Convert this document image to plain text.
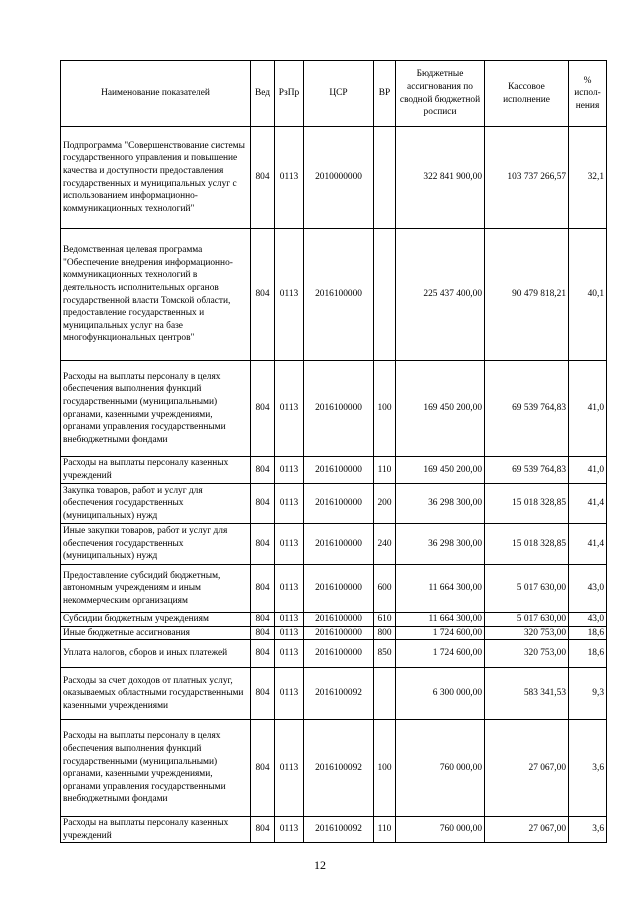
Наименование показателей	Вед	РзПр	ЦСР	ВР	Бюджетные ассигнования по сводной бюджетной росписи	Кассовое исполнение	% испол- нения
Подпрограмма "Совершенствование системы государственного управления и повышение качества и доступности предоставления государственных и муниципальных услуг с использованием информационно-коммуникационных технологий"	804	0113	2010000000		322 841 900,00	103 737 266,57	32,1
Ведомственная целевая программа "Обеспечение внедрения информационно-коммуникационных технологий в деятельность исполнительных органов государственной власти Томской области, предоставление государственных и муниципальных услуг на базе многофункциональных центров"	804	0113	2016100000		225 437 400,00	90 479 818,21	40,1
Расходы на выплаты персоналу в целях обеспечения выполнения функций государственными (муниципальными) органами, казенными учреждениями, органами управления государственными внебюджетными фондами	804	0113	2016100000	100	169 450 200,00	69 539 764,83	41,0
Расходы на выплаты персоналу казенных учреждений	804	0113	2016100000	110	169 450 200,00	69 539 764,83	41,0
Закупка товаров, работ и услуг для обеспечения государственных (муниципальных) нужд	804	0113	2016100000	200	36 298 300,00	15 018 328,85	41,4
Иные закупки товаров, работ и услуг для обеспечения государственных (муниципальных) нужд	804	0113	2016100000	240	36 298 300,00	15 018 328,85	41,4
Предоставление субсидий бюджетным, автономным учреждениям и иным некоммерческим организациям	804	0113	2016100000	600	11 664 300,00	5 017 630,00	43,0
Субсидии бюджетным учреждениям	804	0113	2016100000	610	11 664 300,00	5 017 630,00	43,0
Иные бюджетные ассигнования	804	0113	2016100000	800	1 724 600,00	320 753,00	18,6
Уплата налогов, сборов и иных платежей	804	0113	2016100000	850	1 724 600,00	320 753,00	18,6
Расходы за счет доходов от платных услуг, оказываемых областными государственными казенными учреждениями	804	0113	2016100092		6 300 000,00	583 341,53	9,3
Расходы на выплаты персоналу в целях обеспечения выполнения функций государственными (муниципальными) органами, казенными учреждениями, органами управления государственными внебюджетными фондами	804	0113	2016100092	100	760 000,00	27 067,00	3,6
Расходы на выплаты персоналу казенных учреждений	804	0113	2016100092	110	760 000,00	27 067,00	3,6
12
